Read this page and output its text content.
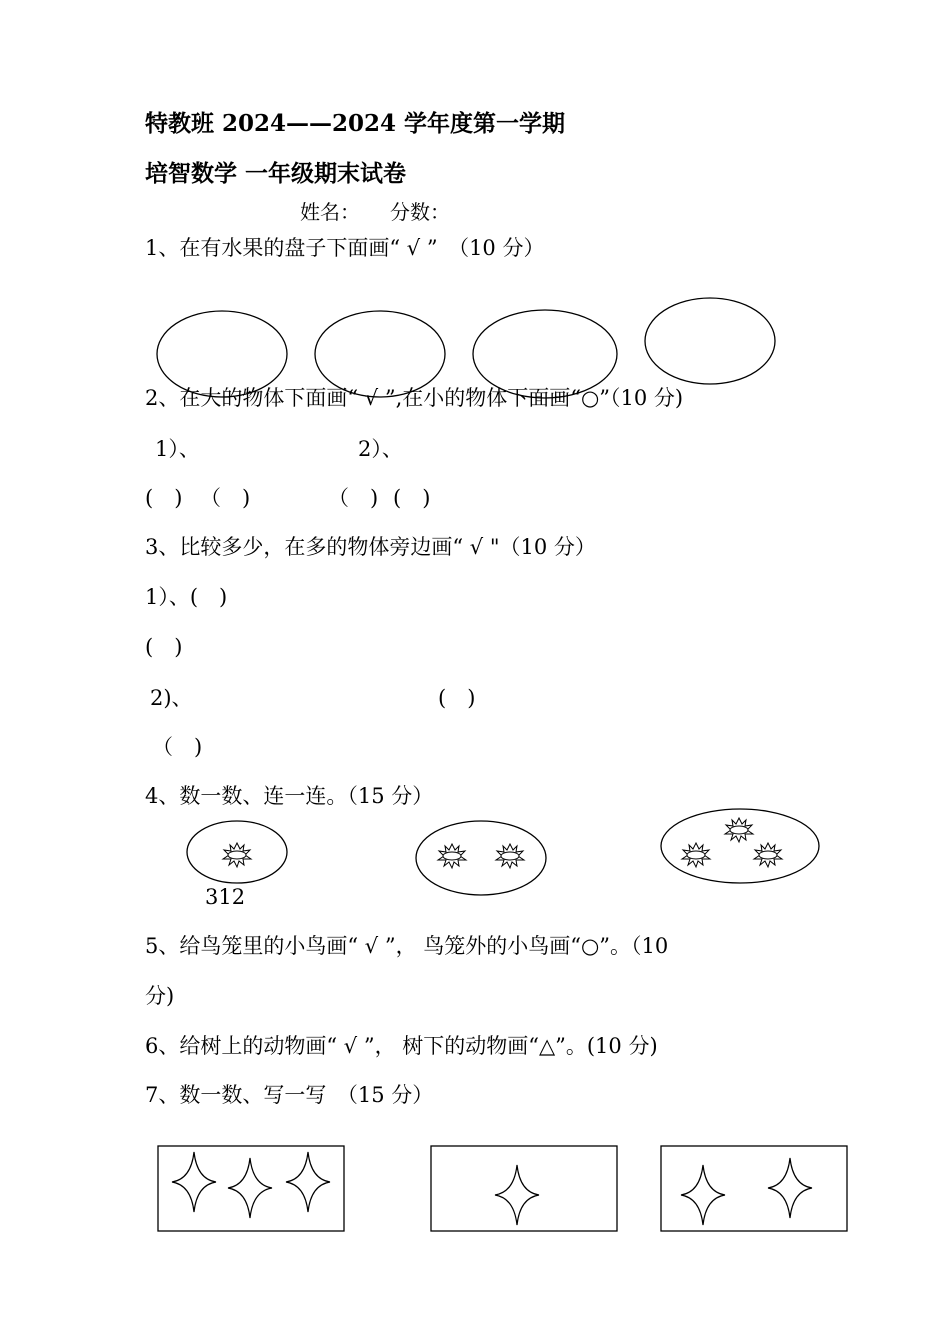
特教班 2024——2024 学年度第一学期
培智数学 一年级期末试卷
姓名： 分数：
1、在有水果的盘子下面画“ √ ”　（10 分）
2、在大的物体下面画“ √ ”,在小的物体下面画“○”（10 分)
1）、	2）、
(　) （　)	（　) (　)
3、比较多少，在多的物体旁边画“ √ "（10 分）
1）、(　)
(　)
2)、	(　)
（　)
4、数一数、连一连。（15 分）
312
5、给鸟笼里的小鸟画“ √ ”， 鸟笼外的小鸟画“○”。（10
分)
6、给树上的动物画“ √ ”， 树下的动物画“△”。(10 分)
7、数一数、写一写　（15 分）
